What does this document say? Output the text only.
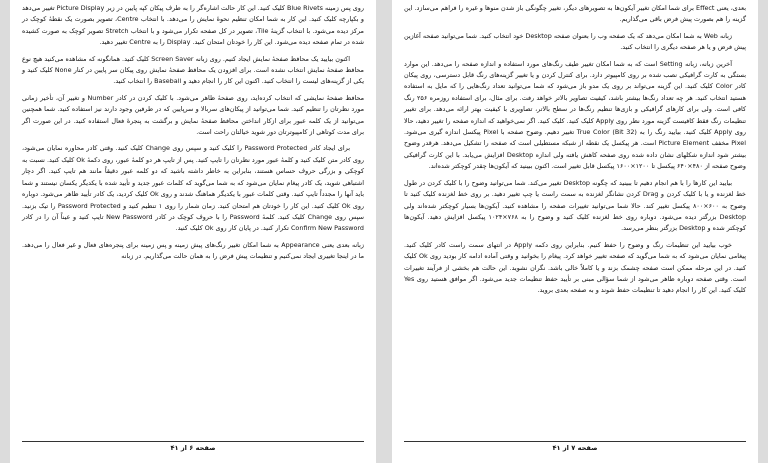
روی پس زمینه Blue Rivets کلیک کنید. این کار حالت اشاره‌گر را به طرف پیکان کپه پایین در زیر Picture Display تغییر می‌دهد و بکپارچه کلیک کنید. این کار به شما امکان تنظیم نحوهٔ نمایش را می‌دهد. با انتخاب Centre، تصویر بصورت یک نقطهٔ کوچک در مرکز دیده می‌شود. با انتخاب گزینهٔ Tile، تصویر در کل صفحه تکرار می‌شود و با انتخاب Stretch تصویر کوچک به صورت کشیده شده در تمام صفحه دیده می‌شود. این کار را خودتان امتحان کنید. Display را به Centre تغییر دهید.

اکنون بیایید یک محافظ صفحهٔ نمایش ایجاد کنیم. روی زبانه Screen Saver کلیک کنید. همانگونه که مشاهده می‌کنید هیچ نوع محافظ صفحهٔ نمایش انتخاب نشده است. برای افزودن یک محافظ صفحهٔ نمایش روی پیکان سر پایین در کنار None کلیک کنید و یکی از گزینه‌های لیست را انتخاب کنید. اکنون این کار را انجام دهید و Baseball را انتخاب کنید.

محافظ صفحهٔ نمایشی که انتخاب کرده‌اید، روی صفحهٔ ظاهر می‌شود. با کلیک کردن در کادر Number و تغییر آن، تأخیر زمانی مورد نظرتان را تنظیم کنید. شما می‌توانید از پیکان‌های سربالا و سرپایین که در طرفین وجود دارند نیز استفاده کنید. شما همچنین می‌توانید از یک کلمه عبور برای ازکار انداختن محافظ صفحهٔ نمایش و برگشت به پنجرهٔ فعال استفاده کنید. در این صورت اگر برای مدت کوتاهی از کامپیوترتان دور شوید خیالتان راحت است.

برای ایجاد کادر Password Protected را کلیک کنید و سپس روی Change کلیک کنید. وقتی کادر محاوره نمایان می‌شود، روی کادر متن کلیک کنید و کلمهٔ عبور مورد نظرتان را تایپ کنید. پس از تایپ هر دو کلمهٔ عبور، روی دکمهٔ Ok کلیک کنید. نسبت به کوچکی و بزرگی حروف حساس هستند، بنابراین به خاطر داشته باشید که دو کلمه عبور دقیقاً مانند هم تایپ کنید. اگر دچار اشتباهی شوید، یک کادر پیغام نمایان می‌شود که به شما می‌گوید که کلمات عبور جدید و تأیید شده با یکدیگر یکسان نیستند و شما باید آنها را مجدداً تایپ کنید. وقتی کلمات عبور با یکدیگر هماهنگ شدند و روی Ok کلیک کردید، یک کادر تأیید ظاهر می‌شود. دوباره روی Ok کلیک کنید. این کار را خودتان هم امتحان کنید. زمان شمار را روی ۱ تنظیم کنید و Password Protected را تیک بزنید. سپس روی Change کلیک کنید. کلمهٔ Password را با حروف کوچک در کادر New Password تایپ کنید و عیناً آن را در کادر Confirm New Password تکرار کنید. در پایان کار روی Ok کلیک کنید.

زبانه بعدی یعنی Appearance به شما امکان تغییر رنگ‌های پیش زمینه و پس زمینه برای پنجره‌های فعال و غیر فعال را می‌دهد. ما در اینجا تغییری ایجاد نمی‌کنیم و تنظیمات پیش فرض را به همان حالت می‌گذاریم. در زبانه

صفحه ۶ از ۴۱

بعدی، یعنی Effect برای شما امکان تغییر آیکون‌ها به تصویرهای دیگر، تغییر چگونگی باز شدن منوها و غیره را فراهم می‌سازد. این گزینه را هم بصورت پیش فرض باقی می‌گذاریم.

زبانه Web به شما امکان می‌دهد که یک صفحه وب را بعنوان صفحه Desktop خود انتخاب کنید. شما می‌توانید صفحه آغازین پیش فرض و یا هر صفحه دیگری را انتخاب کنید.

آخرین زبانه، زبانه Setting است که به شما امکان تغییر طیف رنگ‌های مورد استفاده و اندازه صفحه را می‌دهد. این موارد بستگی به کارت گرافیکی نصب شده بر روی کامپیوتر دارد. برای کنترل کردن و یا تغییر گزینه‌های رنگ قابل دسترسی، روی پیکان کادر Color کلیک کنید. این گزینه می‌تواند بر روی یک مدو باز می‌شود که شما می‌توانید تعداد رنگ‌هایی را که مایل به استفاده هستید انتخاب کنید. هر چه تعداد رنگ‌ها بیشتر باشد، کیفیت تصاویر بالاتر خواهد رفت. برای مثال، برای استفاده روزمره ۲۵۶ رنگ کافی است. ولی برای کارهای گرافیکی و بازی‌ها تنظیم رنگ‌ها در سطح بالاتر، تصاویری با کیفیت بهتر ارائه می‌دهد. برای تغییر تنظیمات رنگ فقط کافیست گزینه مورد نظر روی Apply کلیک کنید. کلیک کنید. اگر نمی‌خواهید که اندازه صفحه را تغییر دهید، حالا روی Apply کلیک کنید. بیایید رنگ را به (32 Bit) True Color تغییر دهیم. وضوح صفحه با Pixel پیکسل اندازه گیری می‌شود. Pixel مخفف Picture Element است. هر پیکسل یک نقطه از شبکه مستطیلی است که صفحه را تشکیل می‌دهد. هرقدر وضوح بیشتر شود اندازه شکلهای نشان داده شده روی صفحه کاهش یافته ولی اندازه Desktop افزایش می‌یابد. با این کارت گرافیکی وضوح صفحه از ۴۸۰×۶۴۰ پیکسل تا ۱۲۰۰×۱۶۰۰ پیکسل قابل تغییر است. اکنون ببینید که آیکون‌ها چقدر کوچکتر شده‌اند.

بیایید این کارها را با هم انجام دهیم تا ببینید که چگونه Desktop تغییر می‌کند. شما می‌توانید وضوح را با کلیک کردن در طول خط لغزنده و یا با کلیک کردن و Drag کردن نشانگر لغزنده به سمت راست یا چپ تغییر دهید. بر روی خط لغزنده کلیک کنید تا وضوح به ۶۰۰×۸۰۰ پیکسل تغییر کند. حالا شما می‌توانید تغییرات صفحه را مشاهده کنید. آیکون‌ها بسیار کوچکتر شده‌اند ولی Desktop بزرگتر دیده می‌شود. دوباره روی خط لغزنده کلیک کنید و وضوح را به ۷۶۸×۱۰۲۴ پیکسل افزایش دهید. آیکون‌ها کوچکتر شده و Desktop بزرگتر بنظر می‌رسد.

خوب بیایید این تنظیمات رنگ و وضوح را حفظ کنیم. بنابراین روی دکمه Apply در انتهای سمت راست کادر کلیک کنید. پیغامی نمایان می‌شود که به شما می‌گوید که صفحه تغییر خواهد کرد. پیغام را بخوانید و وقتی آماده ادامه کار بودید روی Ok کلیک کنید. در این مرحله ممکن است صفحه چشمک بزند و یا کاملاً خالی باشد. نگران نشوید. این حالت هم بخشی از فرآیند تغییرات است. وقتی صفحه دوباره ظاهر می‌شود از شما سؤالی مبنی بر تأیید حفظ تنظیمات جدید می‌شود. اگر موافق هستید روی Yes کلیک کنید. این کار را انجام دهید تا تنظیمات حفظ شوند و به صفحه بعدی بروید.

صفحه ۷ از ۴۱
